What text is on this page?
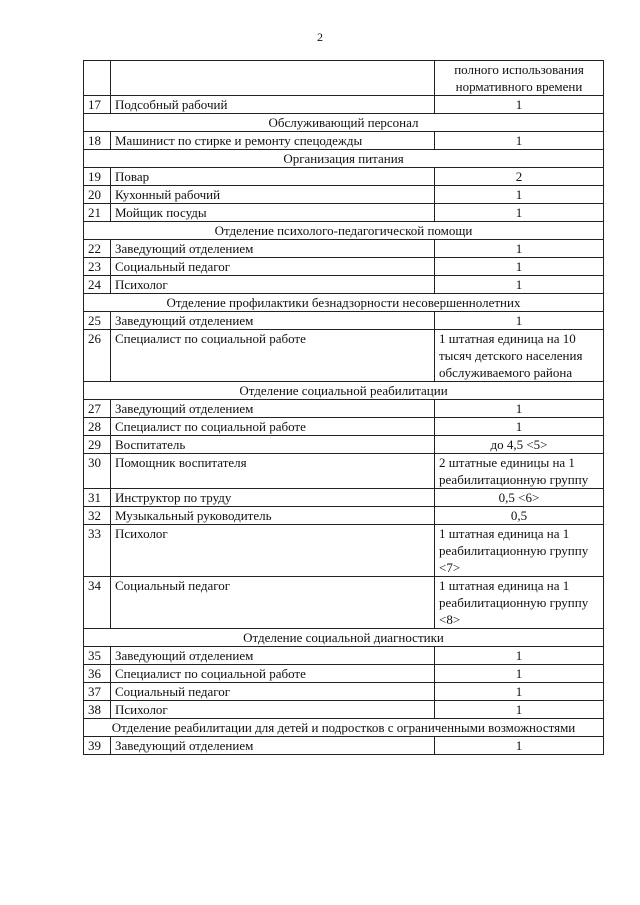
2
		полного использования нормативного времени
17	Подсобный рабочий	1
Обслуживающий персонал		
18	Машинист по стирке и ремонту спецодежды	1
Организация питания		
19	Повар	2
20	Кухонный рабочий	1
21	Мойщик посуды	1
Отделение психолого-педагогической помощи		
22	Заведующий отделением	1
23	Социальный педагог	1
24	Психолог	1
Отделение профилактики безнадзорности несовершеннолетних		
25	Заведующий отделением	1
26	Специалист по социальной работе	1 штатная единица на 10 тысяч детского населения обслуживаемого района
Отделение социальной реабилитации		
27	Заведующий отделением	1
28	Специалист по социальной работе	1
29	Воспитатель	до 4,5 <5>
30	Помощник воспитателя	2 штатные единицы на 1 реабилитационную группу
31	Инструктор по труду	0,5 <6>
32	Музыкальный руководитель	0,5
33	Психолог	1 штатная единица на 1 реабилитационную группу <7>
34	Социальный педагог	1 штатная единица на 1 реабилитационную группу <8>
Отделение социальной диагностики		
35	Заведующий отделением	1
36	Специалист по социальной работе	1
37	Социальный педагог	1
38	Психолог	1
Отделение реабилитации для детей и подростков с ограниченными возможностями		
39	Заведующий отделением	1
